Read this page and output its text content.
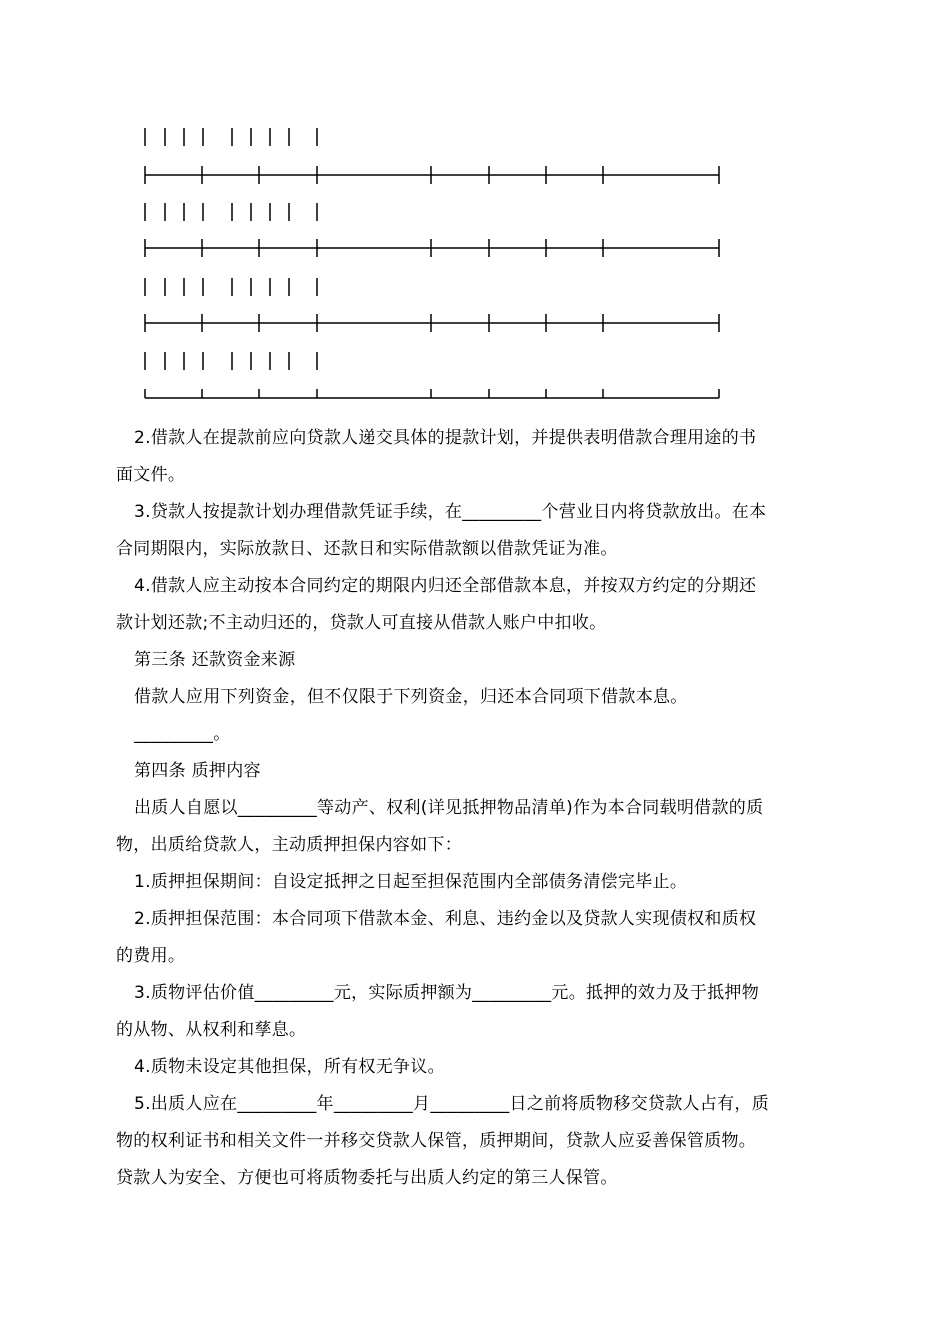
2.借款人在提款前应向贷款人递交具体的提款计划，并提供表明借款合理用途的书

面文件。

3.贷款人按提款计划办理借款凭证手续，在_________个营业日内将贷款放出。在本

合同期限内，实际放款日、还款日和实际借款额以借款凭证为准。

4.借款人应主动按本合同约定的期限内归还全部借款本息，并按双方约定的分期还

款计划还款;不主动归还的，贷款人可直接从借款人账户中扣收。

第三条 还款资金来源

借款人应用下列资金，但不仅限于下列资金，归还本合同项下借款本息。

_________。

第四条 质押内容

出质人自愿以_________等动产、权利(详见抵押物品清单)作为本合同载明借款的质

物，出质给贷款人，主动质押担保内容如下：

1.质押担保期间：自设定抵押之日起至担保范围内全部债务清偿完毕止。

2.质押担保范围：本合同项下借款本金、利息、违约金以及贷款人实现债权和质权

的费用。

3.质物评估价值_________元，实际质押额为_________元。抵押的效力及于抵押物

的从物、从权利和孳息。

4.质物未设定其他担保，所有权无争议。

5.出质人应在_________年_________月_________日之前将质物移交贷款人占有，质

物的权利证书和相关文件一并移交贷款人保管，质押期间，贷款人应妥善保管质物。

贷款人为安全、方便也可将质物委托与出质人约定的第三人保管。
